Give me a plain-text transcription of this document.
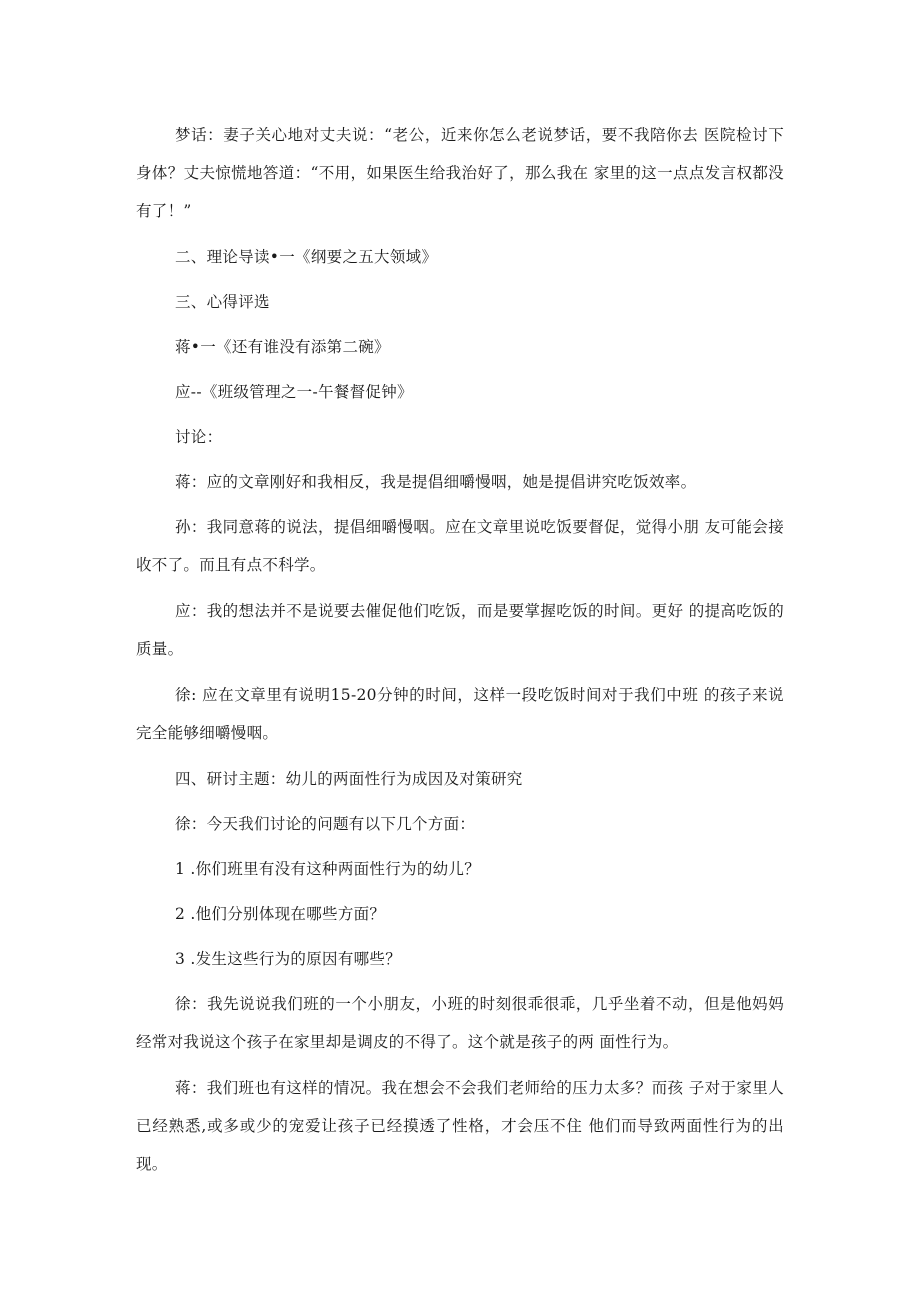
梦话：妻子关心地对丈夫说：“老公，近来你怎么老说梦话，要不我陪你去 医院检讨下身体？丈夫惊慌地答道：“不用，如果医生给我治好了，那么我在 家里的这一点点发言权都没有了！”

二、理论导读•一《纲要之五大领域》

三、心得评选

蒋•一《还有谁没有添第二碗》

应--《班级管理之一-午餐督促钟》

讨论：

蒋：应的文章刚好和我相反，我是提倡细嚼慢咽，她是提倡讲究吃饭效率。

孙：我同意蒋的说法，提倡细嚼慢咽。应在文章里说吃饭要督促，觉得小朋 友可能会接收不了。而且有点不科学。

应：我的想法并不是说要去催促他们吃饭，而是要掌握吃饭的时间。更好 的提高吃饭的质量。

徐: 应在文章里有说明15-20分钟的时间，这样一段吃饭时间对于我们中班 的孩子来说完全能够细嚼慢咽。

四、研讨主题：幼儿的两面性行为成因及对策研究

徐：今天我们讨论的问题有以下几个方面：

1 .你们班里有没有这种两面性行为的幼儿？

2 .他们分别体现在哪些方面？

3 .发生这些行为的原因有哪些？

徐：我先说说我们班的一个小朋友，小班的时刻很乖很乖，几乎坐着不动，但是他妈妈经常对我说这个孩子在家里却是调皮的不得了。这个就是孩子的两 面性行为。

蒋：我们班也有这样的情况。我在想会不会我们老师给的压力太多？而孩 子对于家里人已经熟悉,或多或少的宠爱让孩子已经摸透了性格，才会压不住 他们而导致两面性行为的出现。
